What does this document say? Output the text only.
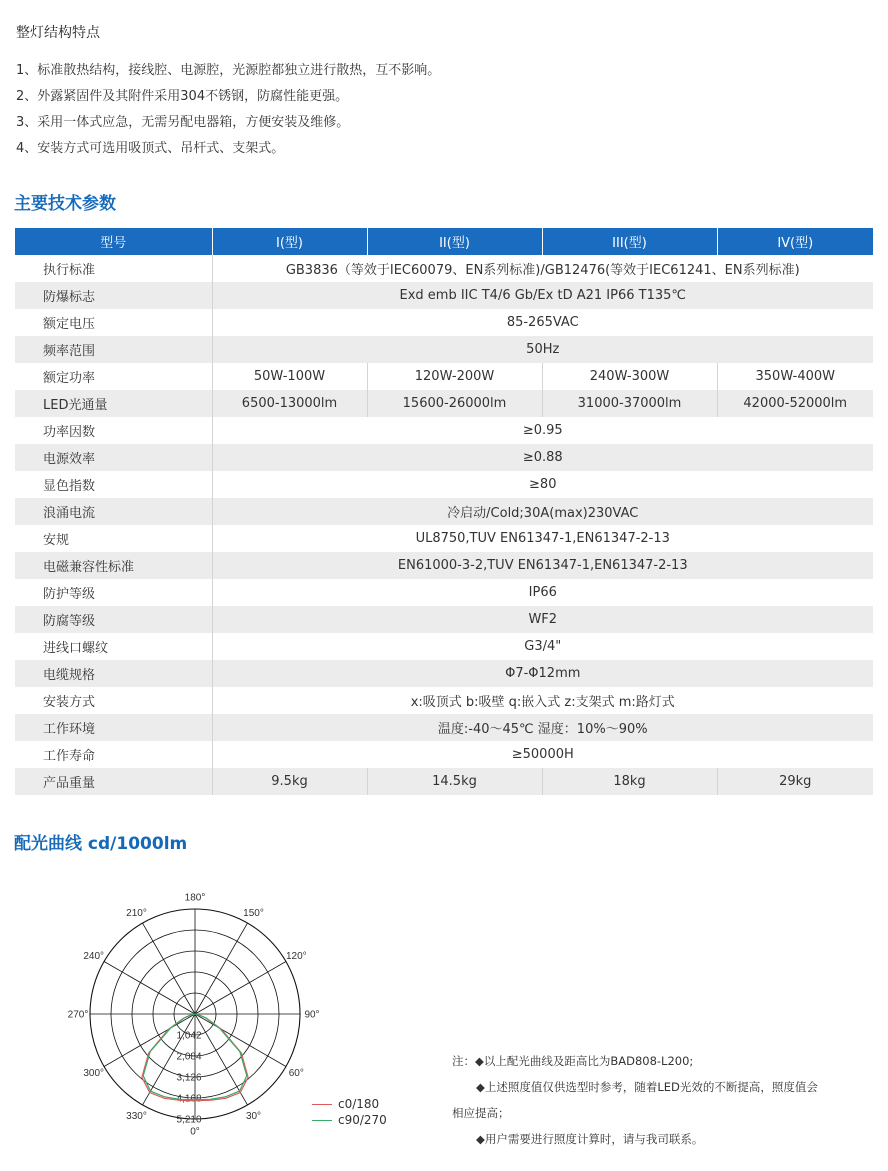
整灯结构特点
1、标准散热结构，接线腔、电源腔，光源腔都独立进行散热，互不影响。
2、外露紧固件及其附件采用304不锈钢，防腐性能更强。
3、采用一体式应急，无需另配电器箱，方便安装及维修。
4、安装方式可选用吸顶式、吊杆式、支架式。
主要技术参数
型号	I(型)	II(型)	III(型)	IV(型)
执行标准	GB3836（等效于IEC60079、EN系列标准)/GB12476(等效于IEC61241、EN系列标准)			
防爆标志	Exd emb IIC T4/6 Gb/Ex tD A21 IP66 T135℃			
额定电压	85-265VAC			
频率范围	50Hz			
额定功率	50W-100W	120W-200W	240W-300W	350W-400W
LED光通量	6500-13000lm	15600-26000lm	31000-37000lm	42000-52000lm
功率因数	≥0.95			
电源效率	≥0.88			
显色指数	≥80			
浪涌电流	冷启动/Cold;30A(max)230VAC			
安规	UL8750,TUV EN61347-1,EN61347-2-13			
电磁兼容性标准	EN61000-3-2,TUV EN61347-1,EN61347-2-13			
防护等级	IP66			
防腐等级	WF2			
进线口螺纹	G3/4"			
电缆规格	Φ7-Φ12mm			
安装方式	x:吸顶式 b:吸壁 q:嵌入式 z:支架式 m:路灯式			
工作环境	温度:-40～45℃ 湿度：10%～90%			
工作寿命	≥50000H			
产品重量	9.5kg	14.5kg	18kg	29kg
配光曲线 cd/1000lm
180°
150°
120°
90°
60°
30°
0°
330°
300°
270°
240°
210°
1,042
2,084
3,126
4,168
5,210
c0/180
c90/270

注：◆以上配光曲线及距高比为BAD808-L200;

◆上述照度值仅供选型时参考，随着LED光效的不断提高，照度值会

相应提高；

◆用户需要进行照度计算时，请与我司联系。
